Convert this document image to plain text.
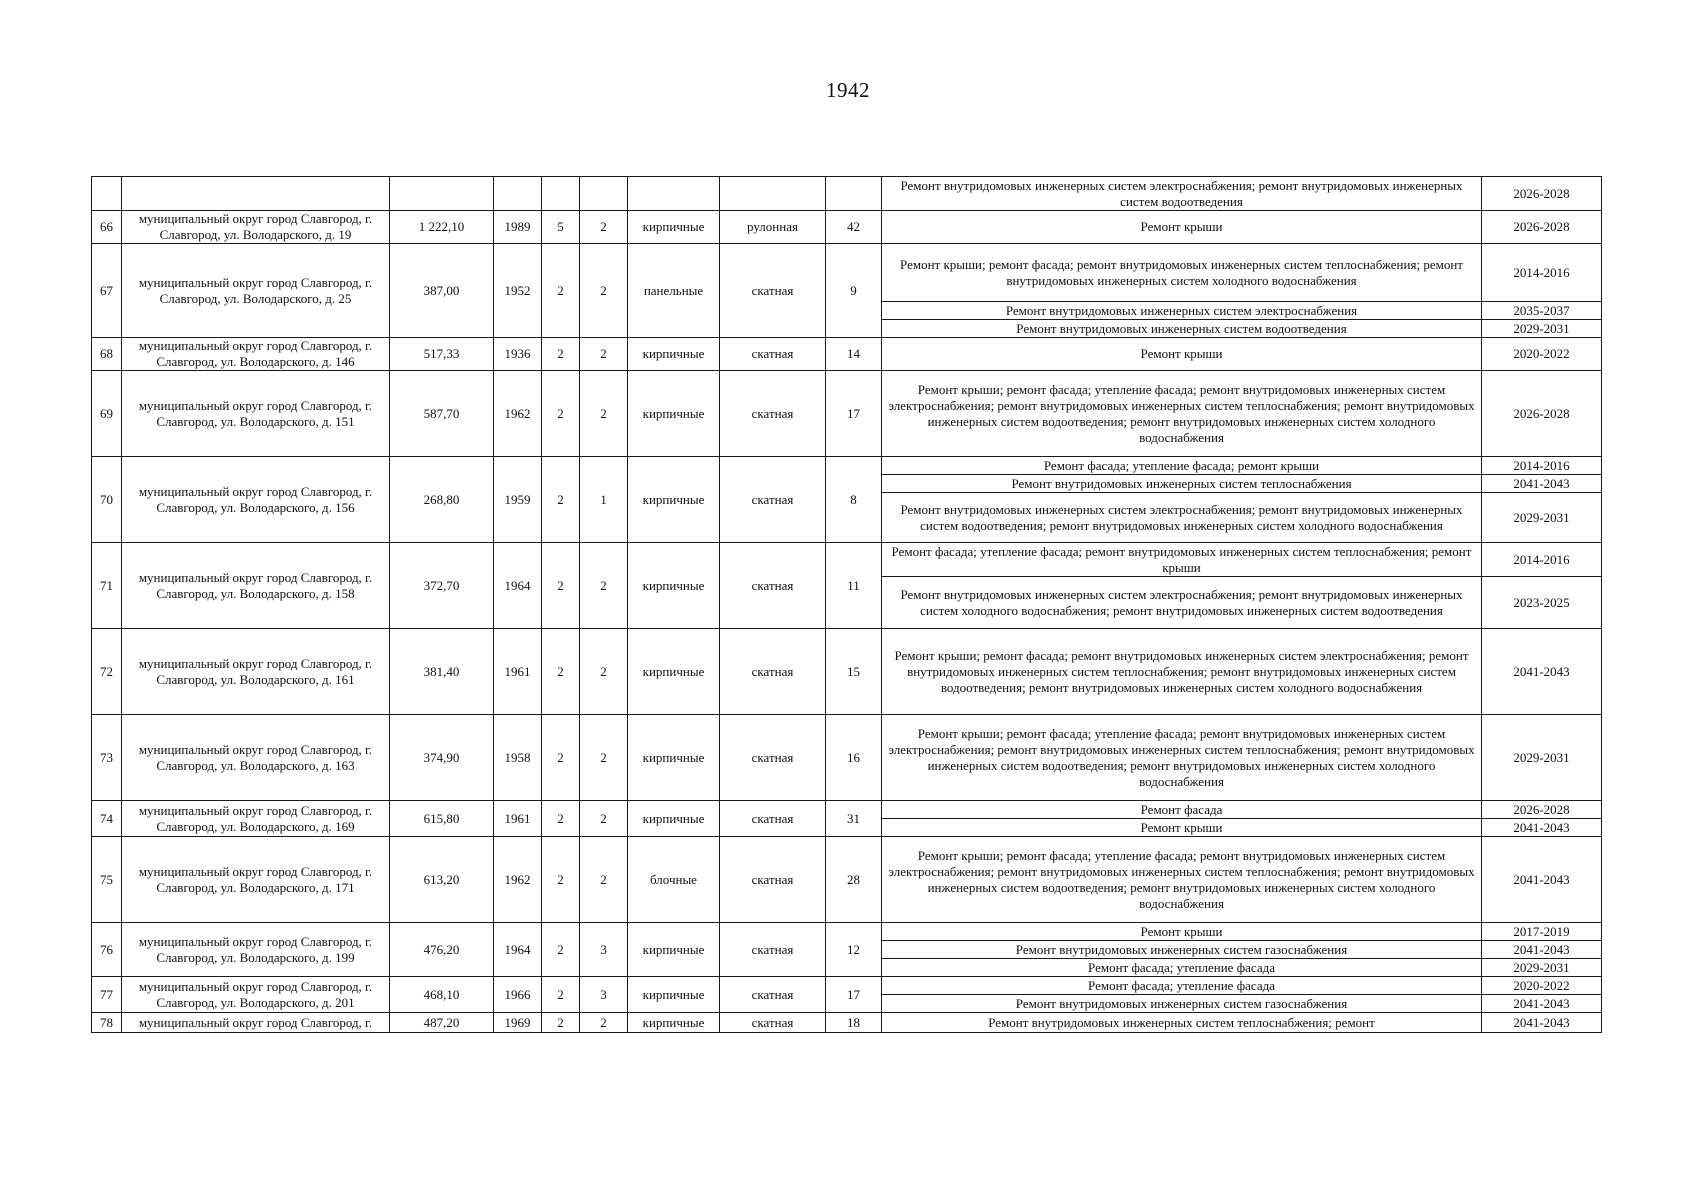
1942
									Ремонт внутридомовых инженерных систем электроснабжения; ремонт внутридомовых инженерных систем водоотведения	2026-2028
66	муниципальный округ город Славгород, г. Славгород, ул. Володарского, д. 19	1 222,10	1989	5	2	кирпичные	рулонная	42	Ремонт крыши	2026-2028
67	муниципальный округ город Славгород, г. Славгород, ул. Володарского, д. 25	387,00	1952	2	2	панельные	скатная	9	Ремонт крыши; ремонт фасада; ремонт внутридомовых инженерных систем теплоснабжения; ремонт внутридомовых инженерных систем холодного водоснабжения	2014-2016
									Ремонт внутридомовых инженерных систем электроснабжения	2035-2037
									Ремонт внутридомовых инженерных систем водоотведения	2029-2031
68	муниципальный округ город Славгород, г. Славгород, ул. Володарского, д. 146	517,33	1936	2	2	кирпичные	скатная	14	Ремонт крыши	2020-2022
69	муниципальный округ город Славгород, г. Славгород, ул. Володарского, д. 151	587,70	1962	2	2	кирпичные	скатная	17	Ремонт крыши; ремонт фасада; утепление фасада; ремонт внутридомовых инженерных систем электроснабжения; ремонт внутридомовых инженерных систем теплоснабжения; ремонт внутридомовых инженерных систем водоотведения; ремонт внутридомовых инженерных систем холодного водоснабжения	2026-2028
70	муниципальный округ город Славгород, г. Славгород, ул. Володарского, д. 156	268,80	1959	2	1	кирпичные	скатная	8	Ремонт фасада; утепление фасада; ремонт крыши	2014-2016
									Ремонт внутридомовых инженерных систем теплоснабжения	2041-2043
									Ремонт внутридомовых инженерных систем электроснабжения; ремонт внутридомовых инженерных систем водоотведения; ремонт внутридомовых инженерных систем холодного водоснабжения	2029-2031
71	муниципальный округ город Славгород, г. Славгород, ул. Володарского, д. 158	372,70	1964	2	2	кирпичные	скатная	11	Ремонт фасада; утепление фасада; ремонт внутридомовых инженерных систем теплоснабжения; ремонт крыши	2014-2016
									Ремонт внутридомовых инженерных систем электроснабжения; ремонт внутридомовых инженерных систем холодного водоснабжения; ремонт внутридомовых инженерных систем водоотведения	2023-2025
72	муниципальный округ город Славгород, г. Славгород, ул. Володарского, д. 161	381,40	1961	2	2	кирпичные	скатная	15	Ремонт крыши; ремонт фасада; ремонт внутридомовых инженерных систем электроснабжения; ремонт внутридомовых инженерных систем теплоснабжения; ремонт внутридомовых инженерных систем водоотведения; ремонт внутридомовых инженерных систем холодного водоснабжения	2041-2043
73	муниципальный округ город Славгород, г. Славгород, ул. Володарского, д. 163	374,90	1958	2	2	кирпичные	скатная	16	Ремонт крыши; ремонт фасада; утепление фасада; ремонт внутридомовых инженерных систем электроснабжения; ремонт внутридомовых инженерных систем теплоснабжения; ремонт внутридомовых инженерных систем водоотведения; ремонт внутридомовых инженерных систем холодного водоснабжения	2029-2031
74	муниципальный округ город Славгород, г. Славгород, ул. Володарского, д. 169	615,80	1961	2	2	кирпичные	скатная	31	Ремонт фасада	2026-2028
									Ремонт крыши	2041-2043
75	муниципальный округ город Славгород, г. Славгород, ул. Володарского, д. 171	613,20	1962	2	2	блочные	скатная	28	Ремонт крыши; ремонт фасада; утепление фасада; ремонт внутридомовых инженерных систем электроснабжения; ремонт внутридомовых инженерных систем теплоснабжения; ремонт внутридомовых инженерных систем водоотведения; ремонт внутридомовых инженерных систем холодного водоснабжения	2041-2043
76	муниципальный округ город Славгород, г. Славгород, ул. Володарского, д. 199	476,20	1964	2	3	кирпичные	скатная	12	Ремонт крыши	2017-2019
									Ремонт внутридомовых инженерных систем газоснабжения	2041-2043
									Ремонт фасада; утепление фасада	2029-2031
77	муниципальный округ город Славгород, г. Славгород, ул. Володарского, д. 201	468,10	1966	2	3	кирпичные	скатная	17	Ремонт фасада; утепление фасада	2020-2022
									Ремонт внутридомовых инженерных систем газоснабжения	2041-2043
78	муниципальный округ город Славгород, г.	487,20	1969	2	2	кирпичные	скатная	18	Ремонт внутридомовых инженерных систем теплоснабжения; ремонт	2041-2043
